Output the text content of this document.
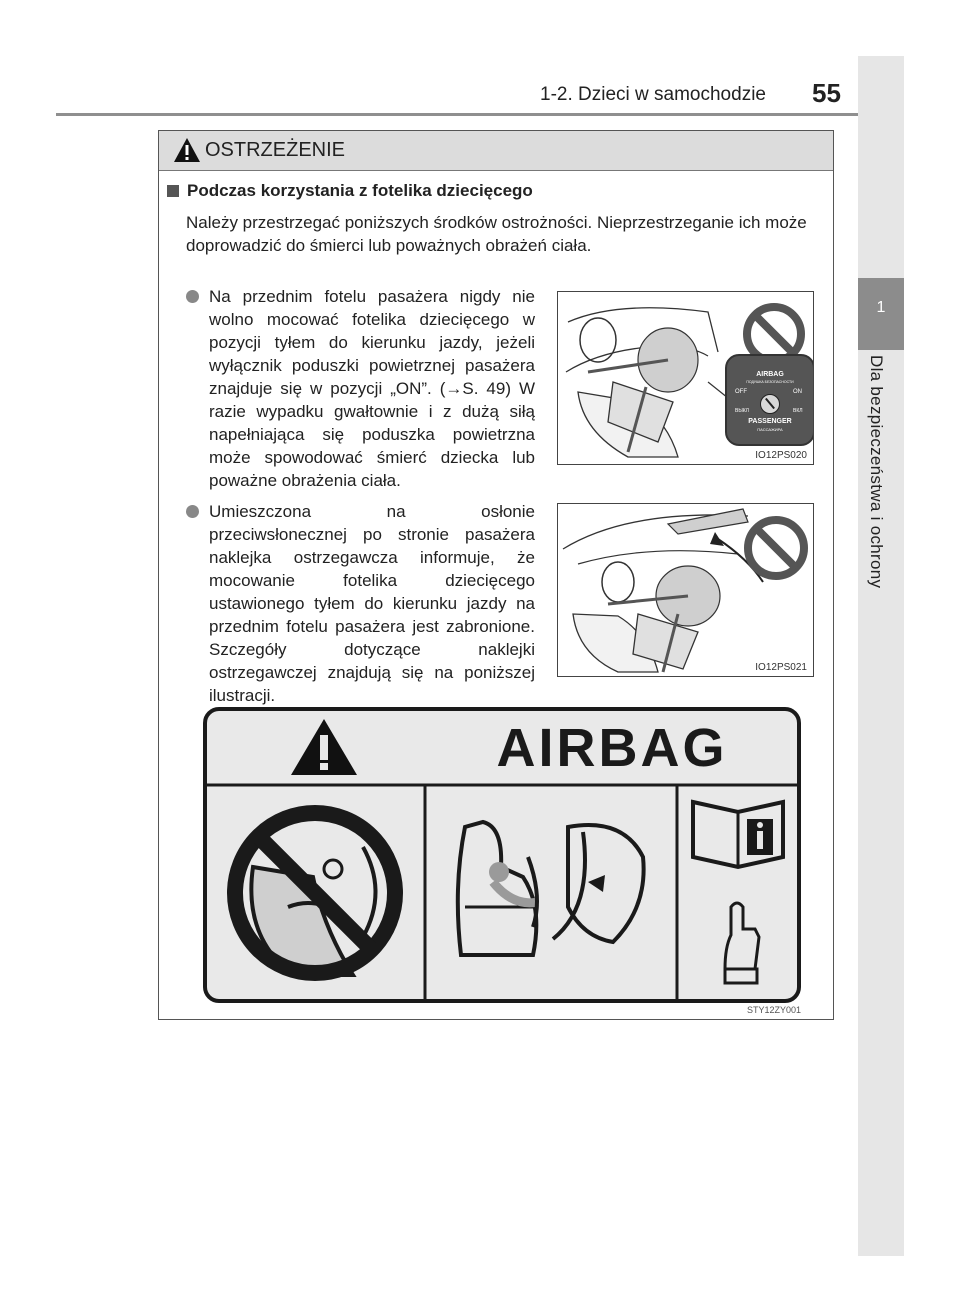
1-2. Dzieci w samochodzie 55
1
Dla bezpieczeństwa i ochrony
OSTRZEŻENIE
Podczas korzystania z fotelika dziecięcego
Należy przestrzegać poniższych środków ostrożności. Nieprzestrzeganie ich może doprowadzić do śmierci lub poważnych obrażeń ciała.
Na przednim fotelu pasażera nigdy nie wolno mocować fotelika dziecięcego w pozycji tyłem do kierunku jazdy, jeżeli wyłącznik poduszki powietrznej pasażera znajduje się w pozycji „ON”. (→S. 49) W razie wypadku gwałtownie i z dużą siłą napełniająca się poduszka powietrzna może spowodować śmierć dziecka lub poważne obrażenia ciała.
AIRBAG
ПОДУШКА БЕЗОПАСНОСТИ
OFF	ON
ВЫКЛ	ВКЛ
PASSENGER
ПАССАЖИРА
IO12PS020
Umieszczona na osłonie przeciwsłonecznej po stronie pasażera naklejka ostrzegawcza informuje, że mocowanie fotelika dziecięcego ustawionego tyłem do kierunku jazdy na przednim fotelu pasażera jest zabronione. Szczegóły dotyczące naklejki ostrzegawczej znajdują się na poniższej ilustracji.
IO12PS021
AIRBAG
STY12ZY001
